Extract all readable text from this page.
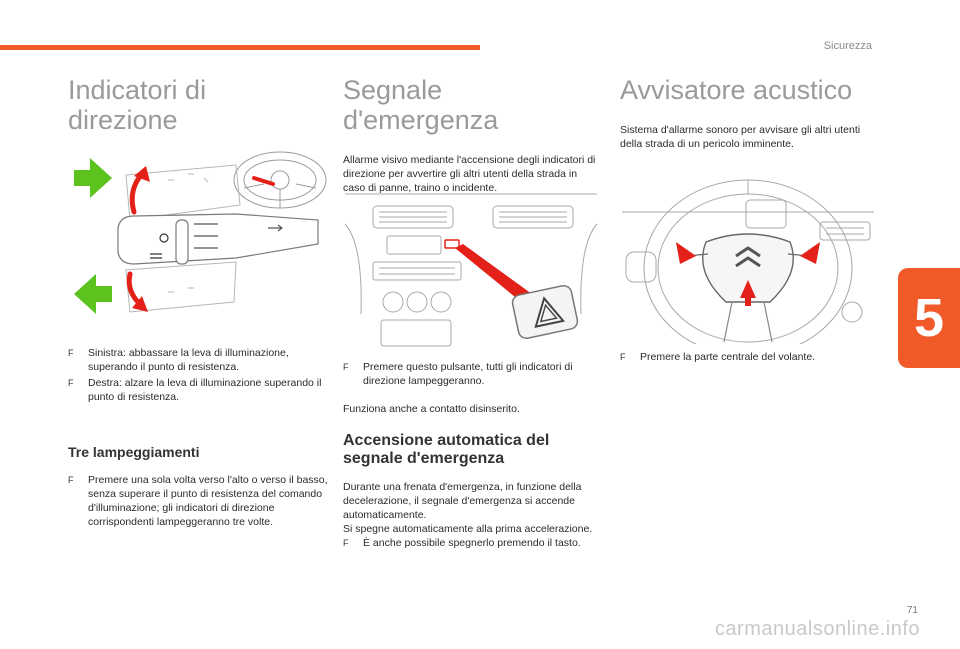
Sicurezza
5
Indicatori di
direzione
F	Sinistra: abbassare la leva di illuminazione, superando il punto di resistenza.
F	Destra: alzare la leva di illuminazione superando il punto di resistenza.
Tre lampeggiamenti
F	Premere una sola volta verso l'alto o verso il basso, senza superare il punto di resistenza del comando d'illuminazione; gli indicatori di direzione corrispondenti lampeggeranno tre volte.
Segnale d'emergenza

Allarme visivo mediante l'accensione degli indicatori di direzione per avvertire gli altri utenti della strada in caso di panne, traino o incidente.

F	Premere questo pulsante, tutti gli indicatori di direzione lampeggeranno.

Funziona anche a contatto disinserito.

Accensione automatica del
segnale d'emergenza

Durante una frenata d'emergenza, in funzione della decelerazione, il segnale d'emergenza si accende automaticamente.

Si spegne automaticamente alla prima accelerazione.

F	È anche possibile spegnerlo premendo il tasto.
Avvisatore acustico

Sistema d'allarme sonoro per avvisare gli altri utenti della strada di un pericolo imminente.

F	Premere la parte centrale del volante.
71
carmanualsonline.info
